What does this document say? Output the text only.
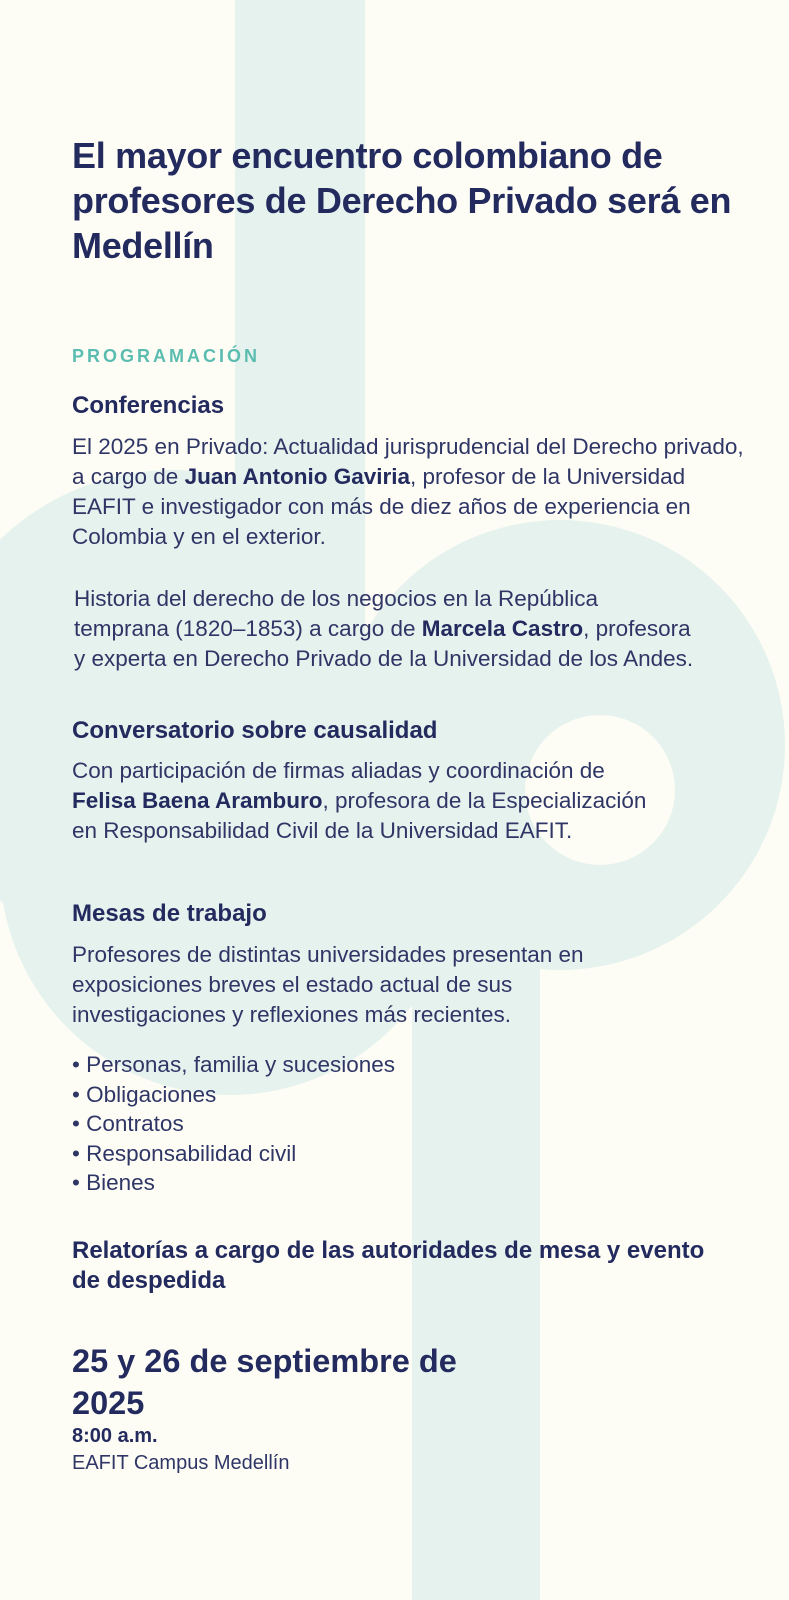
El mayor encuentro colombiano de profesores de Derecho Privado será en Medellín

PROGRAMACIÓN

Conferencias

El 2025 en Privado: Actualidad jurisprudencial del Derecho privado, a cargo de Juan Antonio Gaviria, profesor de la Universidad EAFIT e investigador con más de diez años de experiencia en Colombia y en el exterior.

Historia del derecho de los negocios en la República temprana (1820–1853) a cargo de Marcela Castro, profesora y experta en Derecho Privado de la Universidad de los Andes.

Conversatorio sobre causalidad

Con participación de firmas aliadas y coordinación de Felisa Baena Aramburo, profesora de la Especialización en Responsabilidad Civil de la Universidad EAFIT.

Mesas de trabajo

Profesores de distintas universidades presentan en exposiciones breves el estado actual de sus investigaciones y reflexiones más recientes.

• Personas, familia y sucesiones
• Obligaciones
• Contratos
• Responsabilidad civil
• Bienes

Relatorías a cargo de las autoridades de mesa y evento de despedida

25 y 26 de septiembre de 2025

8:00 a.m.

EAFIT Campus Medellín
